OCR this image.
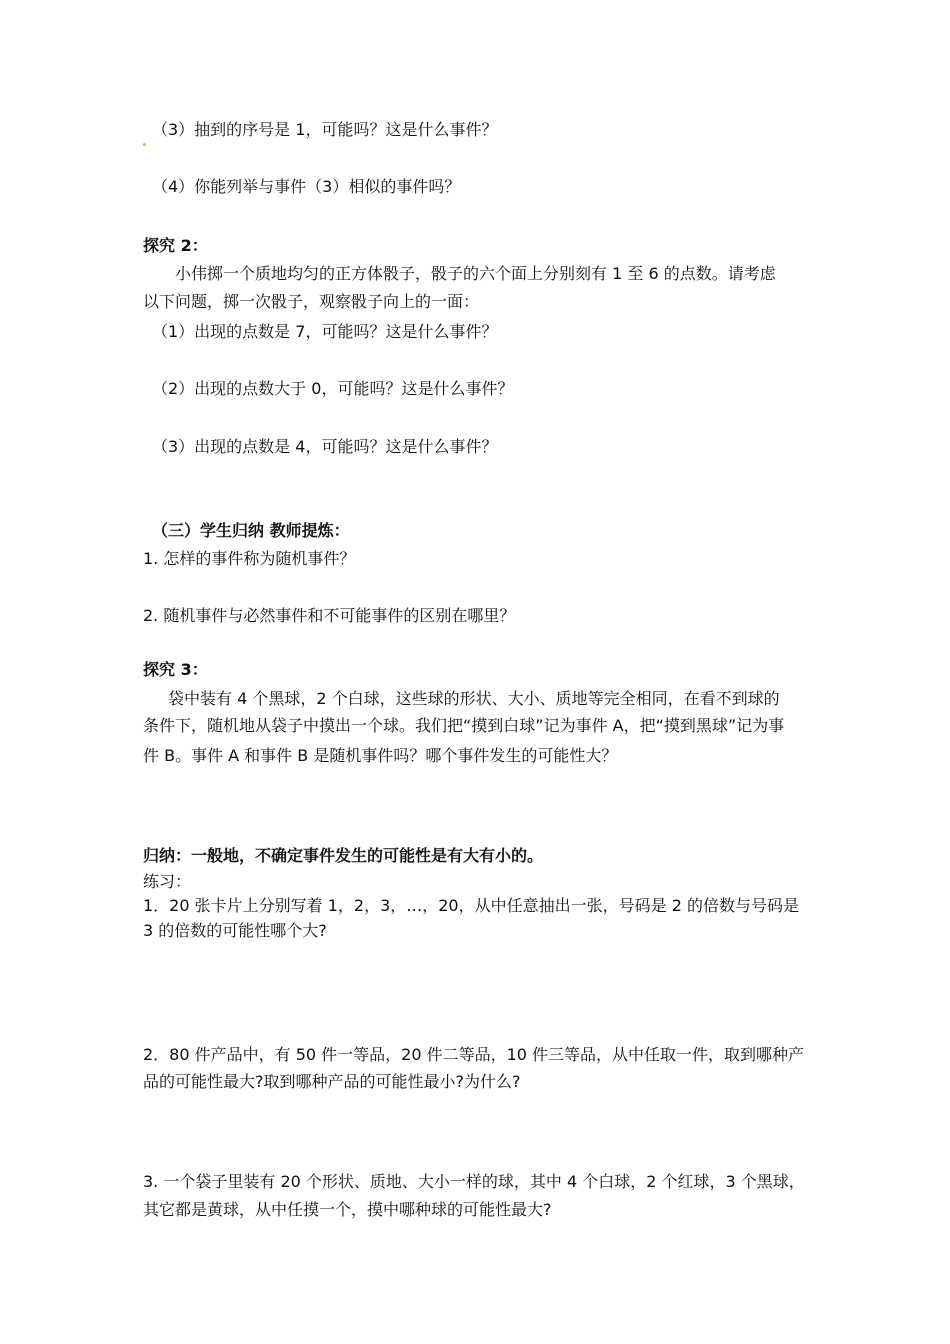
（3）抽到的序号是 1，可能吗？这是什么事件？
（4）你能列举与事件（3）相似的事件吗？
探究 2：
小伟掷一个质地均匀的正方体骰子，骰子的六个面上分别刻有 1 至 6 的点数。请考虑
以下问题，掷一次骰子，观察骰子向上的一面：
（1）出现的点数是 7，可能吗？这是什么事件？
（2）出现的点数大于 0，可能吗？这是什么事件？
（3）出现的点数是 4，可能吗？这是什么事件？
（三）学生归纳 教师提炼：
1. 怎样的事件称为随机事件？
2. 随机事件与必然事件和不可能事件的区别在哪里？
探究 3：
袋中装有 4 个黑球，2 个白球，这些球的形状、大小、质地等完全相同，在看不到球的
条件下，随机地从袋子中摸出一个球。我们把“摸到白球”记为事件 A，把“摸到黑球”记为事
件 B。事件 A 和事件 B 是随机事件吗？哪个事件发生的可能性大？
归纳：一般地，不确定事件发生的可能性是有大有小的。
练习：
1．20 张卡片上分别写着 1，2，3，…，20，从中任意抽出一张，号码是 2 的倍数与号码是
3 的倍数的可能性哪个大?
2．80 件产品中，有 50 件一等品，20 件二等品，10 件三等品，从中任取一件，取到哪种产
品的可能性最大?取到哪种产品的可能性最小?为什么?
3. 一个袋子里装有 20 个形状、质地、大小一样的球，其中 4 个白球，2 个红球，3 个黑球，
其它都是黄球，从中任摸一个，摸中哪种球的可能性最大?
